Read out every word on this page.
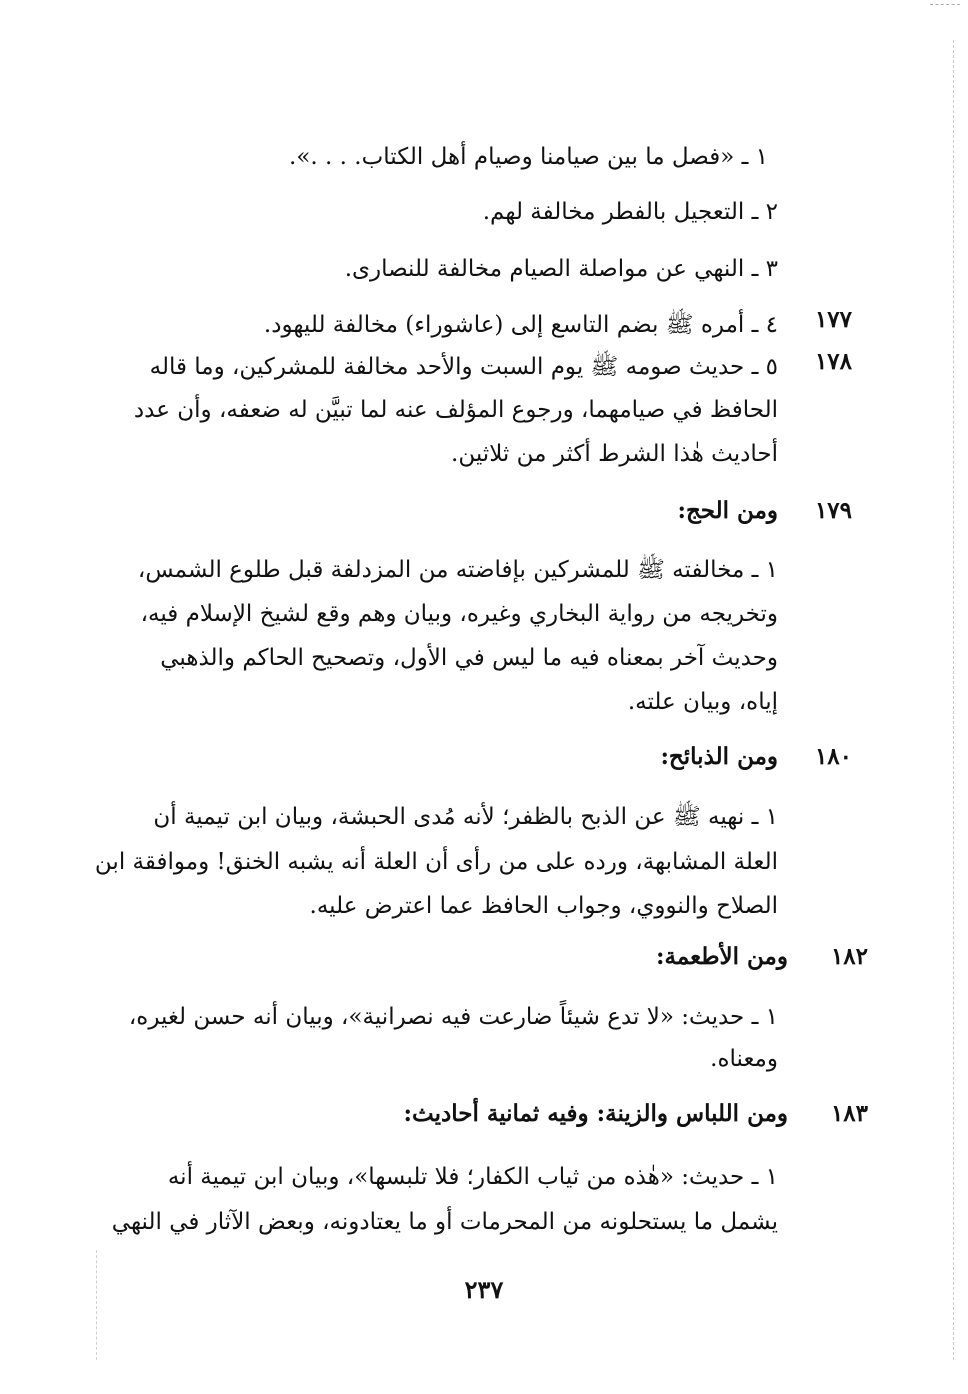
١ ـ «فصل ما بين صيامنا وصيام أهل الكتاب. . . .».
٢ ـ التعجيل بالفطر مخالفة لهم.
٣ ـ النهي عن مواصلة الصيام مخالفة للنصارى.
١٧٧
٤ ـ أمره ﷺ بضم التاسع إلى (عاشوراء) مخالفة لليهود.
١٧٨
٥ ـ حديث صومه ﷺ يوم السبت والأحد مخالفة للمشركين، وما قاله
الحافظ في صيامهما، ورجوع المؤلف عنه لما تبيَّن له ضعفه، وأن عدد
أحاديث هٰذا الشرط أكثر من ثلاثين.
١٧٩
ومن الحج:
١ ـ مخالفته ﷺ للمشركين بإفاضته من المزدلفة قبل طلوع الشمس،
وتخريجه من رواية البخاري وغيره، وبيان وهم وقع لشيخ الإسلام فيه،
وحديث آخر بمعناه فيه ما ليس في الأول، وتصحيح الحاكم والذهبي
إياه، وبيان علته.
١٨٠
ومن الذبائح:
١ ـ نهيه ﷺ عن الذبح بالظفر؛ لأنه مُدى الحبشة، وبيان ابن تيمية أن
العلة المشابهة، ورده على من رأى أن العلة أنه يشبه الخنق! وموافقة ابن
الصلاح والنووي، وجواب الحافظ عما اعترض عليه.
١٨٢
ومن الأطعمة:
١ ـ حديث: «لا تدع شيئاً ضارعت فيه نصرانية»، وبيان أنه حسن لغيره،
ومعناه.
١٨٣
ومن اللباس والزينة: وفيه ثمانية أحاديث:
١ ـ حديث: «هٰذه من ثياب الكفار؛ فلا تلبسها»، وبيان ابن تيمية أنه
يشمل ما يستحلونه من المحرمات أو ما يعتادونه، وبعض الآثار في النهي
٢٣٧
